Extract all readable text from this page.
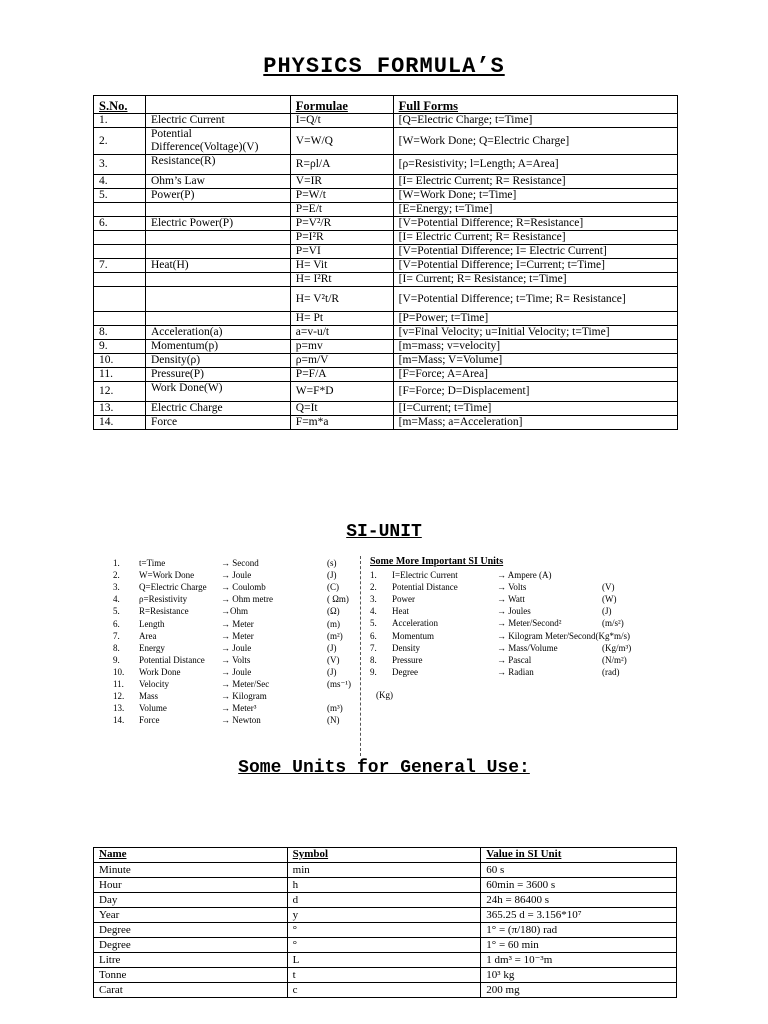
PHYSICS FORMULA’S
S.No.		Formulae	Full Forms
1.	Electric Current	I=Q/t	[Q=Electric Charge; t=Time]
2.	Potential Difference(Voltage)(V)	V=W/Q	[W=Work Done; Q=Electric Charge]
3.	Resistance(R)	R=ρl/A	[ρ=Resistivity; l=Length; A=Area]
4.	Ohm’s Law	V=IR	[I= Electric Current; R= Resistance]
5.	Power(P)	P=W/t	[W=Work Done; t=Time]
		P=E/t	[E=Energy; t=Time]
6.	Electric Power(P)	P=V²/R	[V=Potential Difference; R=Resistance]
		P=I²R	[I= Electric Current; R= Resistance]
		P=VI	[V=Potential Difference; I= Electric Current]
7.	Heat(H)	H= Vit	[V=Potential Difference; I=Current; t=Time]
		H= I²Rt	[I= Current; R= Resistance; t=Time]
		H= V²t/R	[V=Potential Difference; t=Time; R= Resistance]
		H= Pt	[P=Power; t=Time]
8.	Acceleration(a)	a=v-u/t	[v=Final Velocity; u=Initial Velocity; t=Time]
9.	Momentum(p)	p=mv	[m=mass; v=velocity]
10.	Density(ρ)	ρ=m/V	[m=Mass; V=Volume]
11.	Pressure(P)	P=F/A	[F=Force; A=Area]
12.	Work Done(W)	W=F*D	[F=Force; D=Displacement]
13.	Electric Charge	Q=It	[I=Current; t=Time]
14.	Force	F=m*a	[m=Mass; a=Acceleration]
SI-UNIT
1. t=Time	→ Second	(s)
2. W=Work Done	→ Joule	(J)
3. Q=Electric Charge → Coulomb	(C)
4. ρ=Resistivity	→ Ohm metre	( Ωm)
5. R=Resistance	→Ohm	(Ω)
6. Length	→ Meter	(m)
7. Area	→ Meter	(m²)
8. Energy	→ Joule	(J)
9. Potential Distance → Volts	(V)
10. Work Done	→ Joule	(J)
11. Velocity	→ Meter/Sec	(ms⁻¹)
12. Mass	→ Kilogram
13. Volume	→ Meter³	(m³)
14. Force	→ Newton	(N)
Some More Important SI Units
1. I=Electric Current	→ Ampere (A)
2. Potential Distance	→ Volts	(V)
3. Power	→ Watt	(W)
4. Heat	→ Joules	(J)
5. Acceleration	→ Meter/Second²	(m/s²)
6. Momentum	→ Kilogram Meter/Second(Kg*m/s)
7. Density	→ Mass/Volume	(Kg/m³)
8. Pressure	→ Pascal	(N/m²)
9. Degree	→ Radian	(rad)
(Kg)
Some Units for General Use:
Name	Symbol	Value in SI Unit
Minute	min	60 s
Hour	h	60min = 3600 s
Day	d	24h = 86400 s
Year	y	365.25 d = 3.156*10⁷
Degree	°	1° = (π/180) rad
Degree	°	1° = 60 min
Litre	L	1 dm³ = 10⁻³m
Tonne	t	10³ kg
Carat	c	200 mg
